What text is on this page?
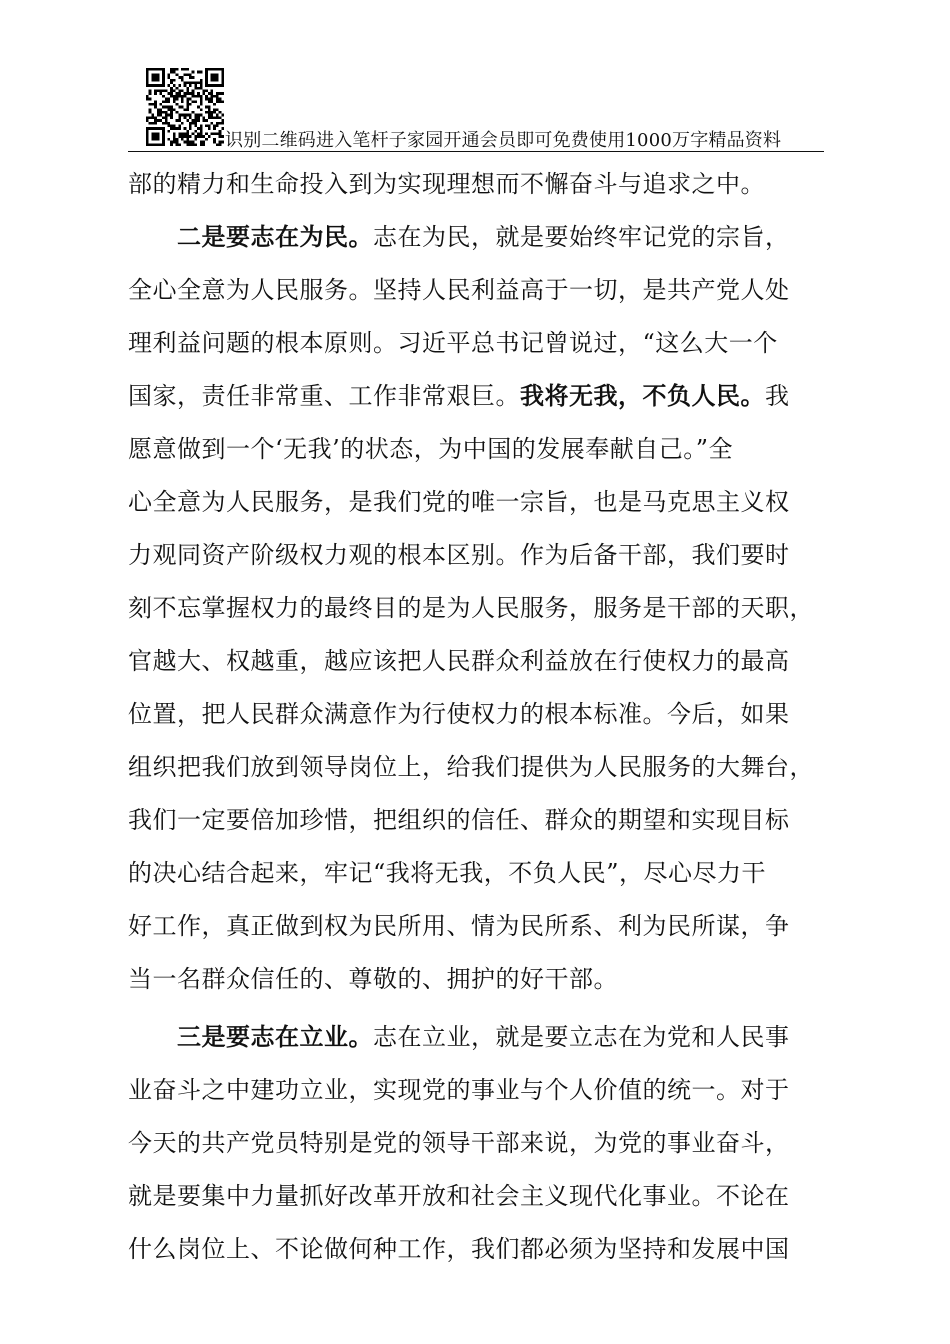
识别二维码进入笔杆子家园开通会员即可免费使用1000万字精品资料
部的精力和生命投入到为实现理想而不懈奋斗与追求之中。
二是要志在为民。志在为民，就是要始终牢记党的宗旨，
全心全意为人民服务。坚持人民利益高于一切，是共产党人处
理利益问题的根本原则。习近平总书记曾说过，“这么大一个
国家，责任非常重、工作非常艰巨。我将无我，不负人民。我
愿意做到一个‘无我’的状态，为中国的发展奉献自己。”全
心全意为人民服务，是我们党的唯一宗旨，也是马克思主义权
力观同资产阶级权力观的根本区别。作为后备干部，我们要时
刻不忘掌握权力的最终目的是为人民服务，服务是干部的天职，
官越大、权越重，越应该把人民群众利益放在行使权力的最高
位置，把人民群众满意作为行使权力的根本标准。今后，如果
组织把我们放到领导岗位上，给我们提供为人民服务的大舞台，
我们一定要倍加珍惜，把组织的信任、群众的期望和实现目标
的决心结合起来，牢记“我将无我，不负人民”，尽心尽力干
好工作，真正做到权为民所用、情为民所系、利为民所谋，争
当一名群众信任的、尊敬的、拥护的好干部。
三是要志在立业。志在立业，就是要立志在为党和人民事
业奋斗之中建功立业，实现党的事业与个人价值的统一。对于
今天的共产党员特别是党的领导干部来说，为党的事业奋斗，
就是要集中力量抓好改革开放和社会主义现代化事业。不论在
什么岗位上、不论做何种工作，我们都必须为坚持和发展中国
